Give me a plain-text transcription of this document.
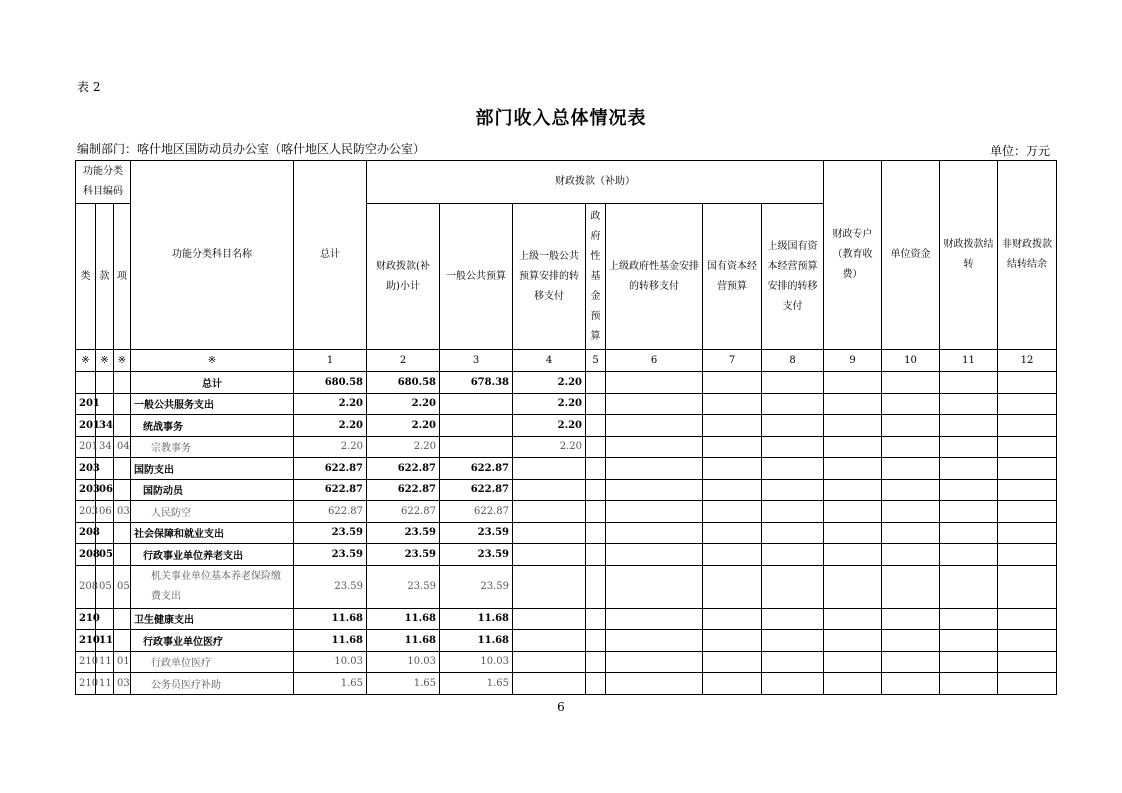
表 2
部门收入总体情况表
编制部门：喀什地区国防动员办公室（喀什地区人民防空办公室）	单位：万元
功能分类科目编码			功能分类科目名称	总计	财政拨款（补助）							财政专户（教育收费）	单位资金	财政拨款结转	非财政拨款结转结余
类	款	项			财政拨款(补助)小计	一般公共预算	上级一般公共预算安排的转移支付	政府性基金预算	上级政府性基金安排的转移支付	国有资本经营预算	上级国有资本经营预算安排的转移支付				
※	※	※	※	1	2	3	4	5	6	7	8	9	10	11	12
			总计	680.58	680.58	678.38	2.20								
201			一般公共服务支出	2.20	2.20		2.20								
201	34		统战事务	2.20	2.20		2.20								
201	34	04	宗教事务	2.20	2.20		2.20								
203			国防支出	622.87	622.87	622.87									
203	06		国防动员	622.87	622.87	622.87									
203	06	03	人民防空	622.87	622.87	622.87									
208			社会保障和就业支出	23.59	23.59	23.59									
208	05		行政事业单位养老支出	23.59	23.59	23.59									
208	05	05	机关事业单位基本养老保险缴费支出	23.59	23.59	23.59									
210			卫生健康支出	11.68	11.68	11.68									
210	11		行政事业单位医疗	11.68	11.68	11.68									
210	11	01	行政单位医疗	10.03	10.03	10.03									
210	11	03	公务员医疗补助	1.65	1.65	1.65									
6
